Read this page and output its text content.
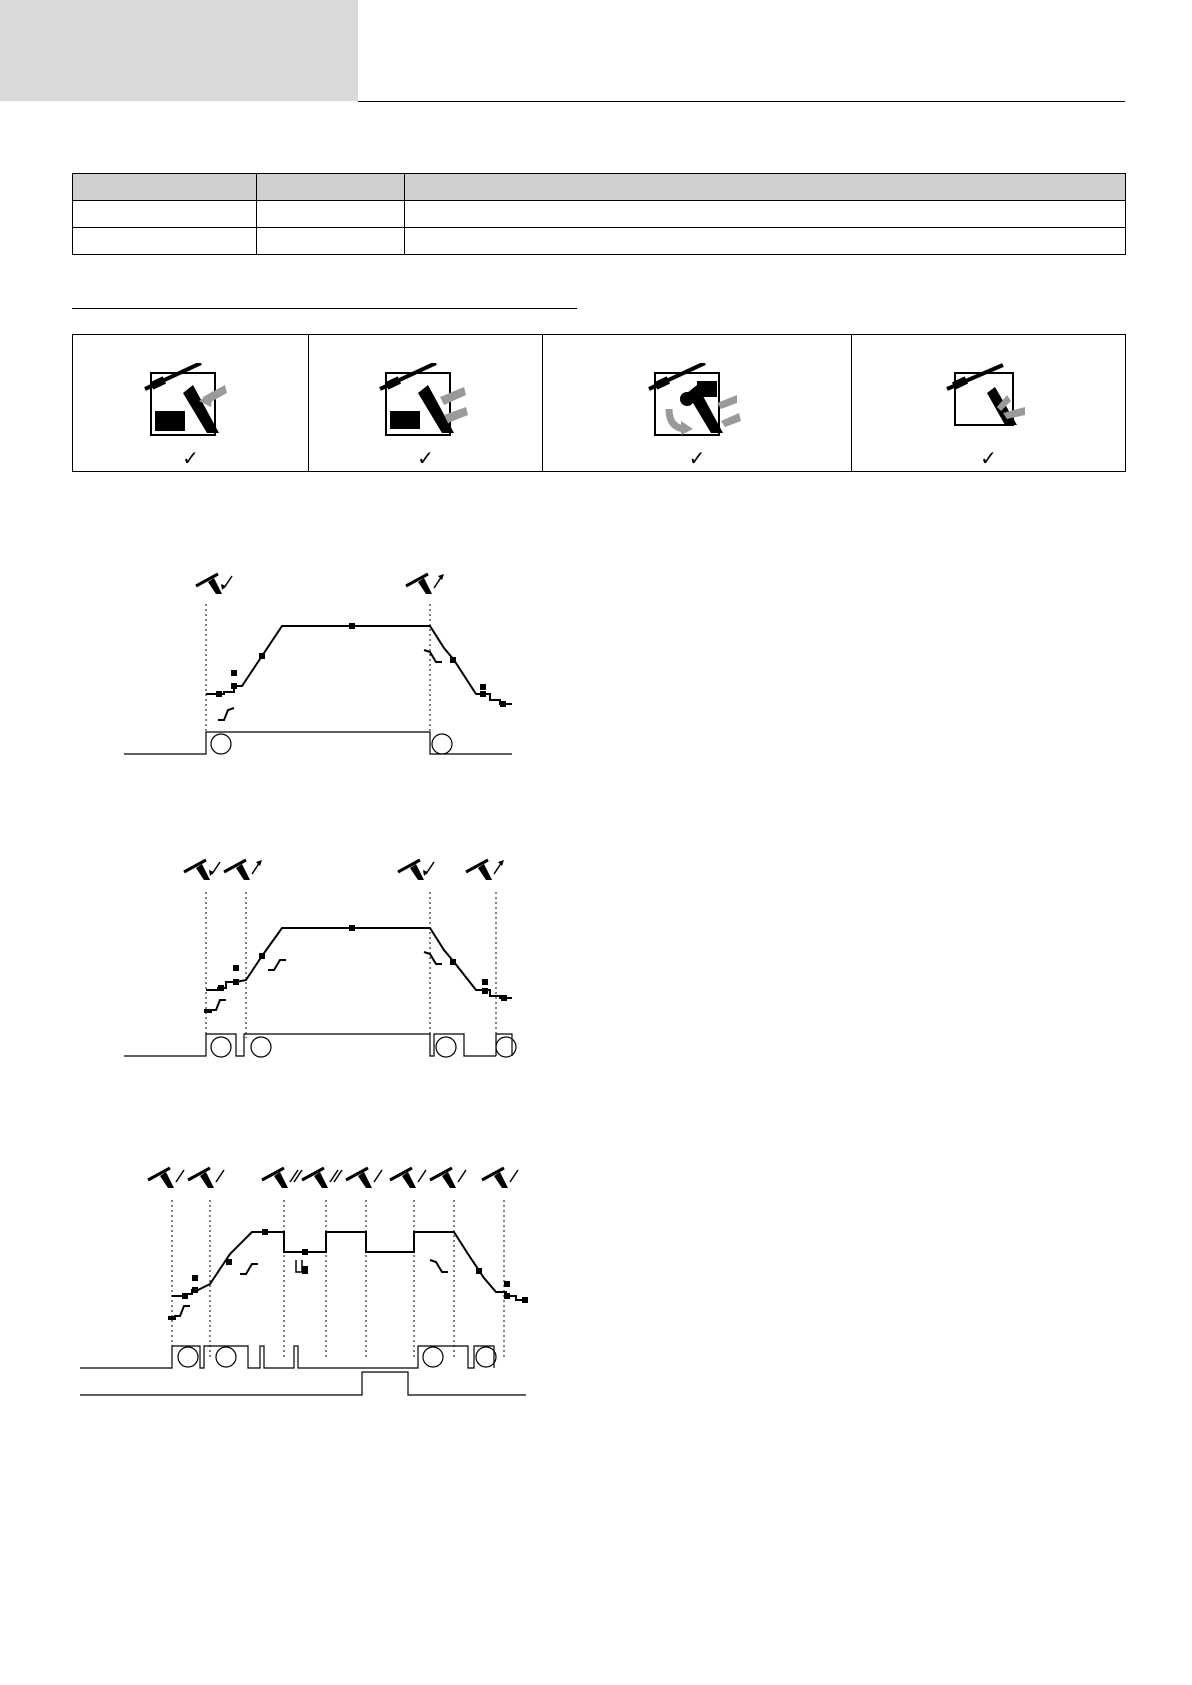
✓	✓	✓	✓
